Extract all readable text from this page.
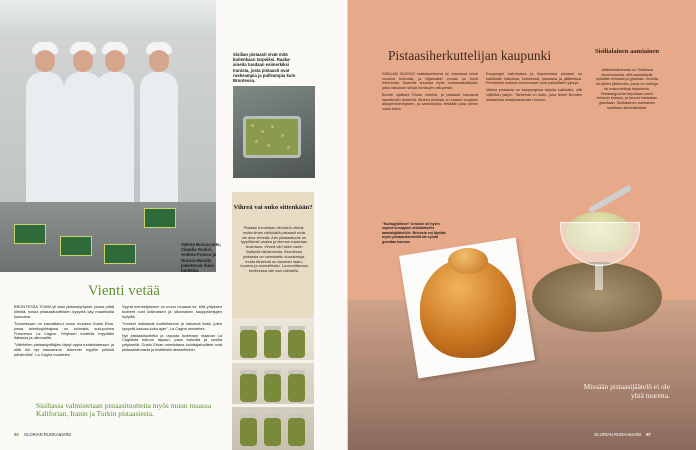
Sisilian pistaasit eivät mitä kuitenkaan tarpeiksi. Raaka-aineita tuodaan esimerkiksi Iranista, josta pistaasit ovat ruskeampia ja pulleampia kuin Brontessa.
Valeria Bonaccorte, Claudia Godini, Andrea Franco ja Nunzia Marullo pakettovat dulai-tuotteita.
Vihreä vai onko sittenkään?
Pistaasi tunnetaan vihreänä värinä, mutta ilman värikkäitä pistaasit eivät ole aina vihreää. Aito pistaasituote on tyypillisesti vaalea ja hieman ruskeaan vivahtava. Vihreä väri tulee usein lisätystä väriaineesta. Brontessa pistaasia on valmistettu vuosisatoja, mutta tärkeintä on tasainen laatu, tuoreus ja ammattitaito. Luonnollisessa tuotteessa väri saa vaihdella.
Vienti vetää

BRONTESSA TOIMII yli sata pistaasiyritystä, joissa pitää kiireitä, koska pistaasituotteiden kysyntä käy maailmalla kuumana.

Tuotantoaan on kasvattanut muun muassa Gusto Etna, jossa toimitusjohtajana on kolmatta sukupolvea Francesco La Cagha. Yrityksen tuotteita myydään Italiassa ja ulkomailla.

"Vähitellen pistaasiyrittäjien täytyi oppia tuotteistamaan, ja siitä tuli nyt kasvamme. Aiemmin myytiin pelkkiä pähkinöitä", La Cagha muistelee.

Syynä menestykseen on muun muassa se, että yrityksen tuotteet ovat kotimaisen ja ulkomaisen kauppaketjujen hyllyillä.

"Ihmiset maistavat tuotteitamme ja haluavat lisää, joten kysyntä kasvaa koko ajan", La Cagha muistelee.

Nyt pistaasituotteita ja raposta tuotetaan maahan La Cagliasta tuttuun tapaan, josta kaivoilla ja uusilla yrityksellä. Gusto Etnan valmistama kuluttajatuotteet ovat pistaasitahnasta ja levitteistä dessertteihin.

Sisiliassa valmistetaan pistaasituotteita myös muun muassa Kaliforian, Iranin ja Turkin pistaasiesta.
96 GLORIAN RUOKA&VIINI
Pistaasiherkuttelijan kaupunki

SISILIAN SUOSIO matkakohteena on kasvanut viime vuosina huimasti, ja hiljaisiakin vuosia on tullut enemmän. Saarelle suuntaa myös ruokamatkailijoita, jotka haluavat nähdä herkkujen alkuperän.

Bronte sijaitsee Etnan rinteillä, ja pistaasit kasvavat laavakivien keskellä. Alueen pistaasi on saanut suojatun alkuperänimityksen, ja sadonkorjuu tehdään joka toinen vuosi käsin.

Kaupungin kahviloissa ja leipomoissa pistaasi on kaikkialla: kakuissa, kekseissä, pastassa ja jäätelössä. Perinteiset makeat leivonnaiset ovat paikallisten ylpeys.

Vaikka pistaasia on kaupungissa tarjolla kaikkialla, sitä viljellään paljon. Tärkeintä on laatu, joka tekee Bronten pistaasista maailmankuulun herkun.

Sisilialainen aamiainen
Jäätelömakeisista on Sisiliassa tavanomaista, että aamiaisella syödään briossia ja granitaa. Granita on jäinen jälkiruoka, jossa on mehuja tai makeutettuja lisäaineita. Pistaasigranita tarjoillaan usein briossin kanssa, ja briossi kastetaan granitaan. Sisilialainen aamiainen nautitaan kiireettömästi.
"Kultapyöllinen" brioche oli hyvin sopiva kumppani sisilialaiselle aamiaisjäätelölle. Briossia voi täyttää myös pistaasikreemillä tai syödä granitan kanssa.
Missään pistaasijäätelö ei ole yhtä tuoretta.
GLORIAN RUOKA&VIINI 97
